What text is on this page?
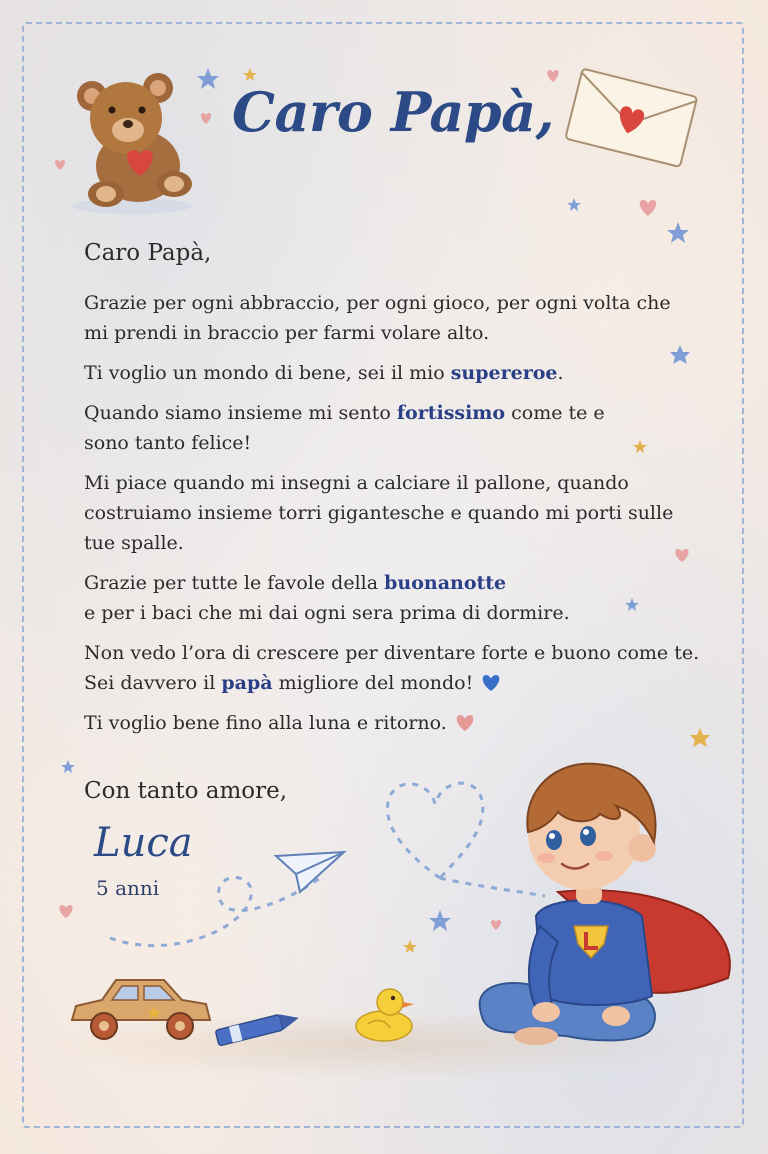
Caro Papà,

Caro Papà,

Grazie per ogni abbraccio, per ogni gioco, per ogni volta che mi prendi in braccio per farmi volare alto.

Ti voglio un mondo di bene, sei il mio supereroe.

Quando siamo insieme mi sento fortissimo come te e sono tanto felice!

Mi piace quando mi insegni a calciare il pallone, quando costruiamo insieme torri gigantesche e quando mi porti sulle tue spalle.

Grazie per tutte le favole della buonanotte
e per i baci che mi dai ogni sera prima di dormire.

Non vedo l’ora di crescere per diventare forte e buono come te.
Sei davvero il papà migliore del mondo!

Ti voglio bene fino alla luna e ritorno.

Con tanto amore,
Luca
5 anni
